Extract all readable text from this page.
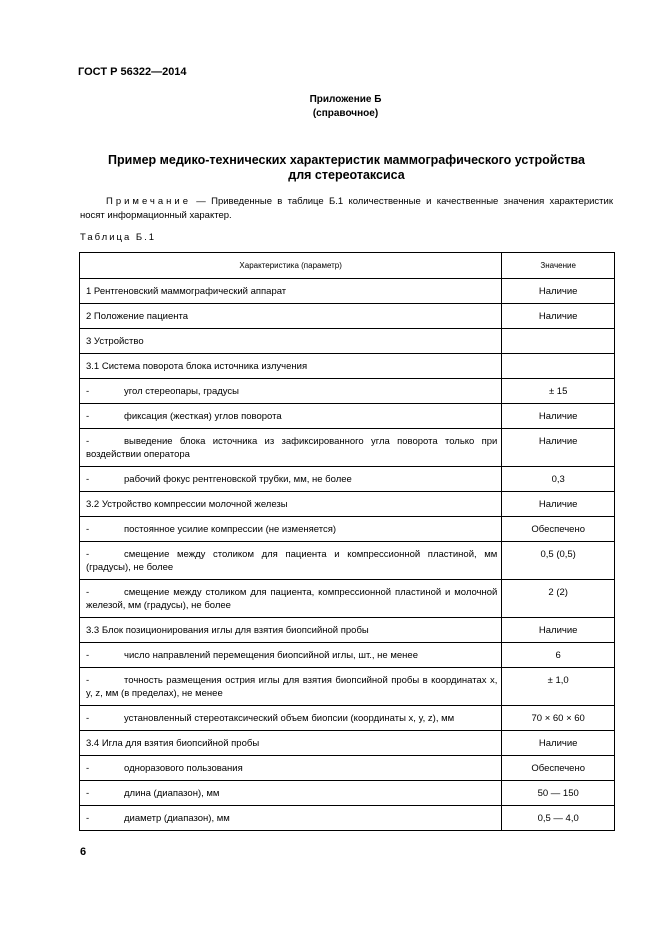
ГОСТ Р 56322—2014
Приложение Б
(справочное)
Пример медико-технических характеристик маммографического устройства
для стереотаксиса
Примечание — Приведенные в таблице Б.1 количественные и качественные значения характеристик носят информационный характер.
Таблица Б.1
Характеристика (параметр)	Значение
1 Рентгеновский маммографический аппарат	Наличие
2 Положение пациента	Наличие
3 Устройство	
3.1 Система поворота блока источника излучения	
- угол стереопары, градусы	± 15
- фиксация (жесткая) углов поворота	Наличие
- выведение блока источника из зафиксированного угла поворота только при воздействии оператора	Наличие
- рабочий фокус рентгеновской трубки, мм, не более	0,3
3.2 Устройство компрессии молочной железы	Наличие
- постоянное усилие компрессии (не изменяется)	Обеспечено
- смещение между столиком для пациента и компрессионной пластиной, мм (градусы), не более	0,5 (0,5)
- смещение между столиком для пациента, компрессионной пластиной и молочной железой, мм (градусы), не более	2 (2)
3.3 Блок позиционирования иглы для взятия биопсийной пробы	Наличие
- число направлений перемещения биопсийной иглы, шт., не менее	6
- точность размещения острия иглы для взятия биопсийной пробы в координатах x, y, z, мм (в пределах), не менее	± 1,0
- установленный стереотаксический объем биопсии (координаты x, y, z), мм	70 × 60 × 60
3.4 Игла для взятия биопсийной пробы	Наличие
- одноразового пользования	Обеспечено
- длина (диапазон), мм	50 — 150
- диаметр (диапазон), мм	0,5 — 4,0
6
